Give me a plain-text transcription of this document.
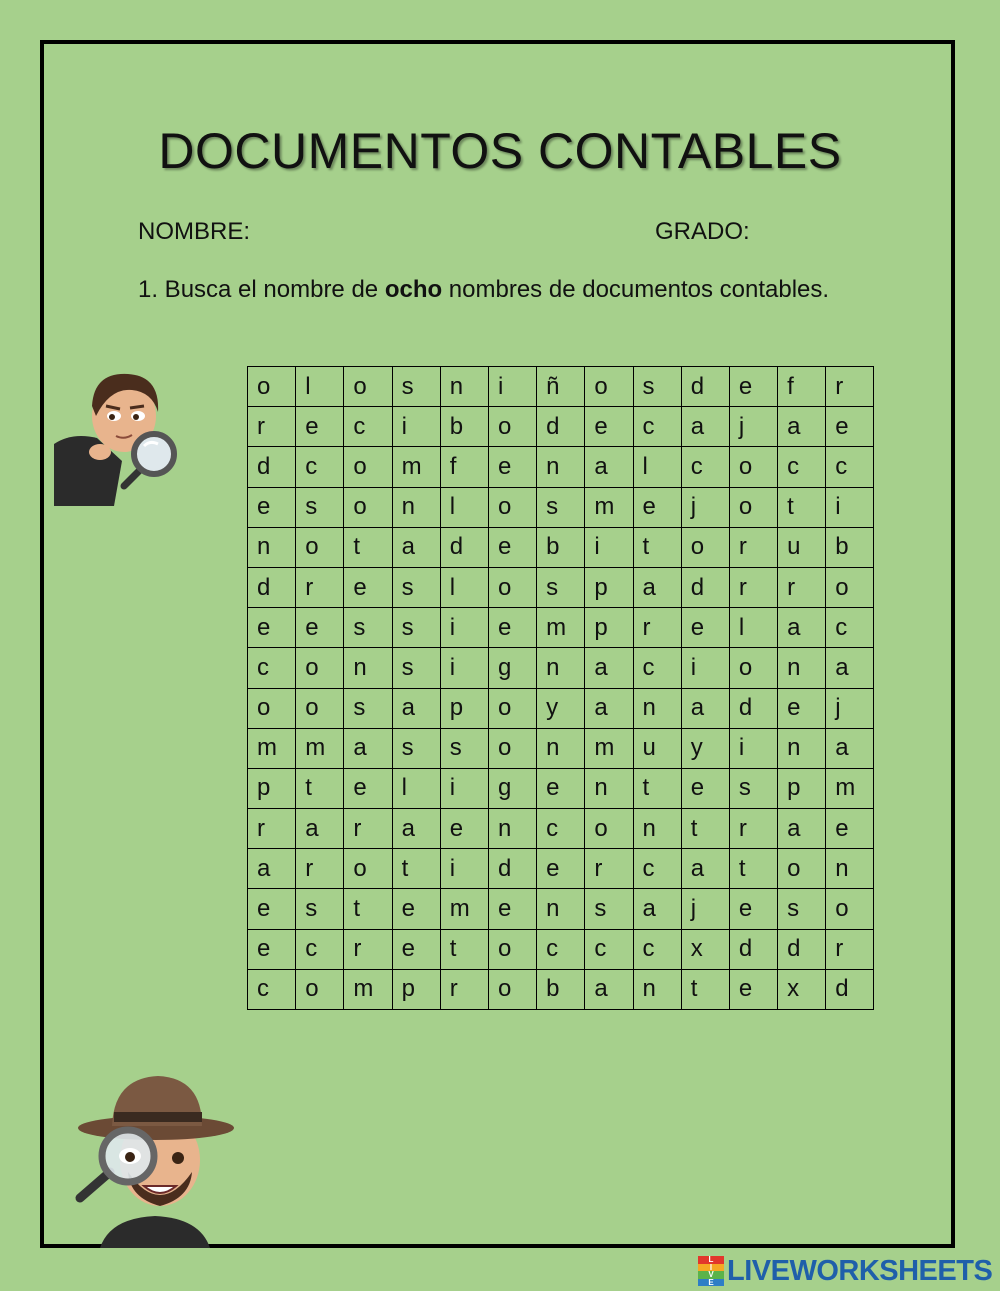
DOCUMENTOS CONTABLES
NOMBRE:	GRADO:
1. Busca el nombre de ocho nombres de documentos contables.
o	l	o	s	n	i	ñ	o	s	d	e	f	r
r	e	c	i	b	o	d	e	c	a	j	a	e
d	c	o	m	f	e	n	a	l	c	o	c	c
e	s	o	n	l	o	s	m	e	j	o	t	i
n	o	t	a	d	e	b	i	t	o	r	u	b
d	r	e	s	l	o	s	p	a	d	r	r	o
e	e	s	s	i	e	m	p	r	e	l	a	c
c	o	n	s	i	g	n	a	c	i	o	n	a
o	o	s	a	p	o	y	a	n	a	d	e	j
m	m	a	s	s	o	n	m	u	y	i	n	a
p	t	e	l	i	g	e	n	t	e	s	p	m
r	a	r	a	e	n	c	o	n	t	r	a	e
a	r	o	t	i	d	e	r	c	a	t	o	n
e	s	t	e	m	e	n	s	a	j	e	s	o
e	c	r	e	t	o	c	c	c	x	d	d	r
c	o	m	p	r	o	b	a	n	t	e	x	d
L
I
V
E LIVEWORKSHEETS
